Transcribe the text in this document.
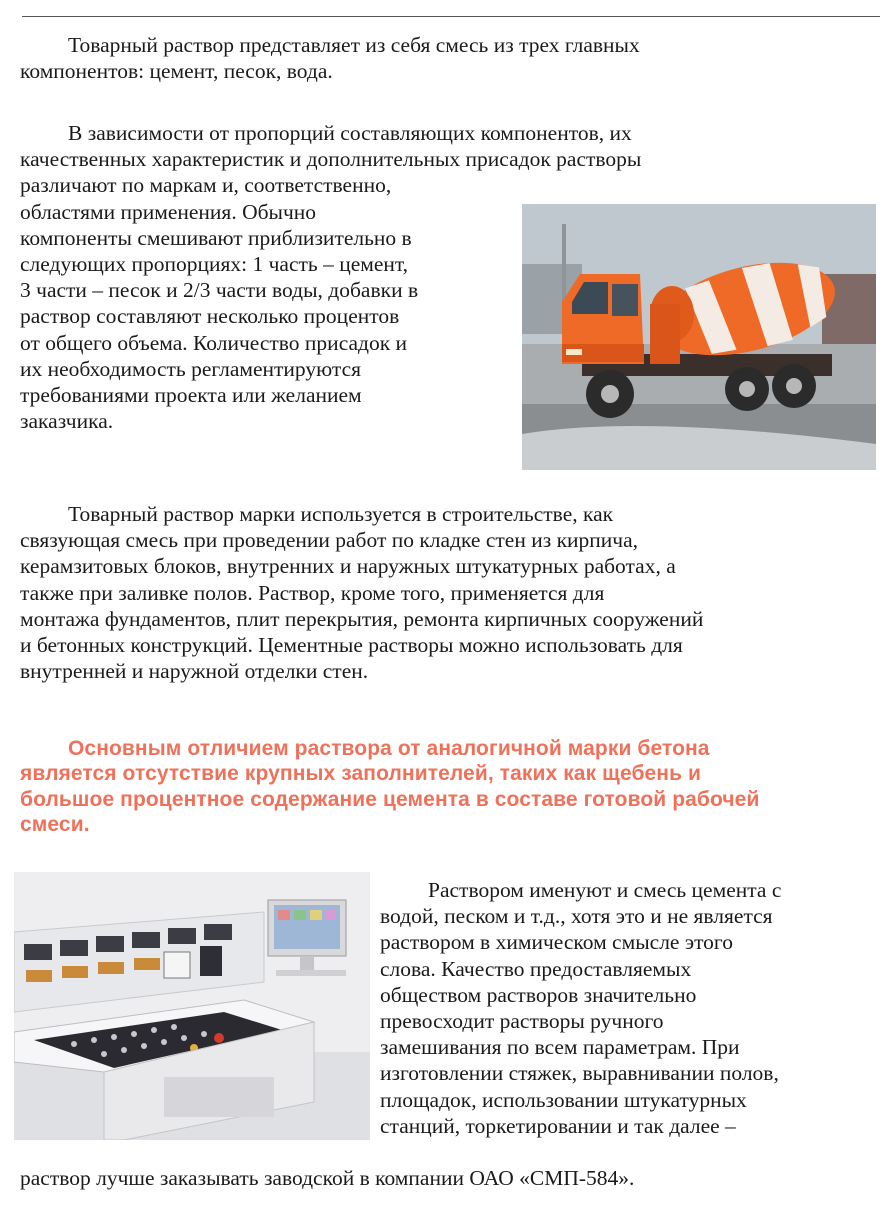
Товарный раствор представляет из себя смесь из трех главных
компонентов: цемент, песок, вода.
В зависимости от пропорций составляющих компонентов, их
качественных характеристик и дополнительных присадок растворы
различают по маркам и, соответственно,
областями применения. Обычно
компоненты смешивают приблизительно в
следующих пропорциях: 1 часть – цемент,
3 части – песок и 2/3 части воды, добавки в
раствор составляют несколько процентов
от общего объема. Количество присадок и
их необходимость регламентируются
требованиями проекта или желанием
заказчика.
Товарный раствор марки используется в строительстве, как
связующая смесь при проведении работ по кладке стен из кирпича,
керамзитовых блоков, внутренних и наружных штукатурных работах, а
также при заливке полов. Раствор, кроме того, применяется для
монтажа фундаментов, плит перекрытия, ремонта кирпичных сооружений
и бетонных конструкций. Цементные растворы можно использовать для
внутренней и наружной отделки стен.
Основным отличием раствора от аналогичной марки бетона
является отсутствие крупных заполнителей, таких как щебень и
большое процентное содержание цемента в составе готовой рабочей
смеси.
Раствором именуют и смесь цемента с
водой, песком и т.д., хотя это и не является
раствором в химическом смысле этого
слова. Качество предоставляемых
обществом растворов значительно
превосходит растворы ручного
замешивания по всем параметрам. При
изготовлении стяжек, выравнивании полов,
площадок, использовании штукатурных
станций, торкетировании и так далее –
раствор лучше заказывать заводской в компании ОАО «СМП-584».
